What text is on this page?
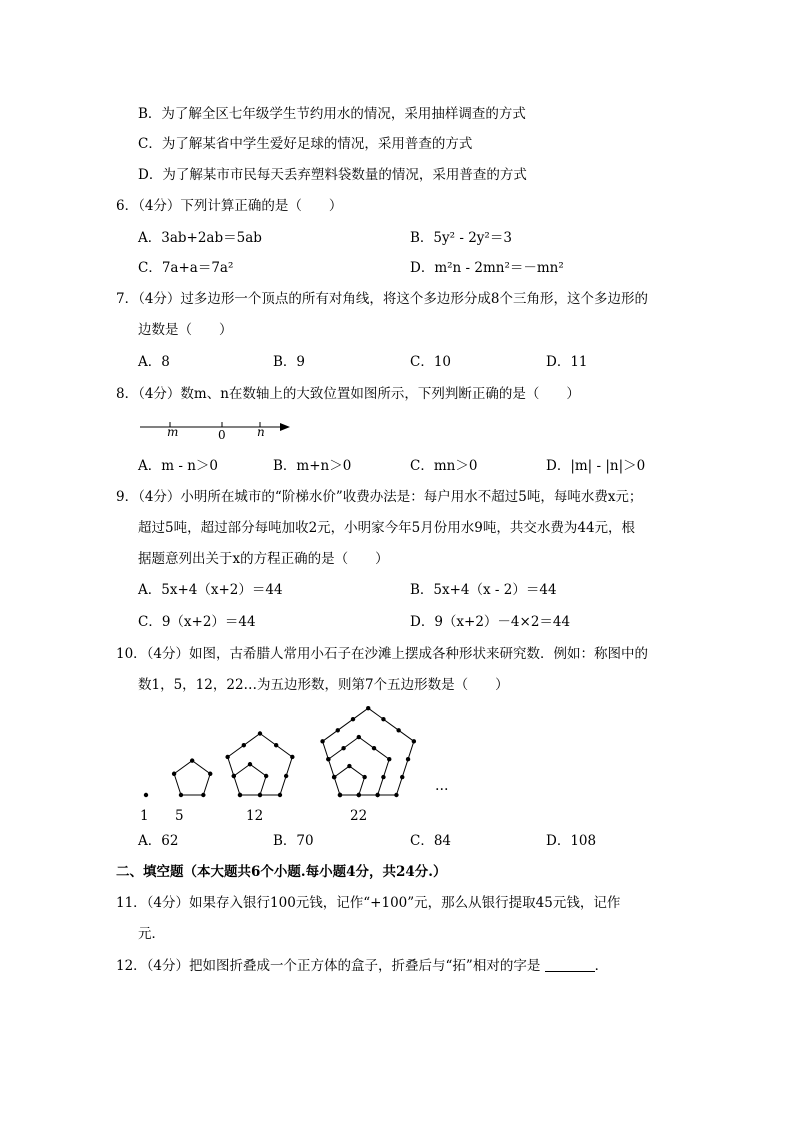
B．为了解全区七年级学生节约用水的情况，采用抽样调查的方式
C．为了解某省中学生爱好足球的情况，采用普查的方式
D．为了解某市市民每天丢弃塑料袋数量的情况，采用普查的方式
6．（4分）下列计算正确的是（　　）
A．3ab+2ab＝5ab	B．5y² - 2y²＝3
C．7a+a＝7a²	D．m²n - 2mn²＝－mn²
7．（4分）过多边形一个顶点的所有对角线，将这个多边形分成8个三角形，这个多边形的
边数是（　　）
A．8	B．9	C．10	D．11
8．（4分）数m、n在数轴上的大致位置如图所示，下列判断正确的是（　　）
m	0	n
A．m - n＞0	B．m+n＞0	C．mn＞0	D．|m| - |n|＞0
9．（4分）小明所在城市的“阶梯水价”收费办法是：每户用水不超过5吨，每吨水费x元；
超过5吨，超过部分每吨加收2元，小明家今年5月份用水9吨，共交水费为44元，根
据题意列出关于x的方程正确的是（　　）
A．5x+4（x+2）＝44	B．5x+4（x - 2）＝44
C．9（x+2）＝44	D．9（x+2）－4×2＝44
10．（4分）如图，古希腊人常用小石子在沙滩上摆成各种形状来研究数．例如：称图中的
数1，5，12，22…为五边形数，则第7个五边形数是（　　）
1 5	12	22
…
A．62	B．70	C．84	D．108
二、填空题（本大题共6个小题.每小题4分，共24分.）
11．（4分）如果存入银行100元钱，记作“+100”元，那么从银行提取45元钱，记作
元．
12．（4分）把如图折叠成一个正方体的盒子，折叠后与“拓”相对的字是	．
